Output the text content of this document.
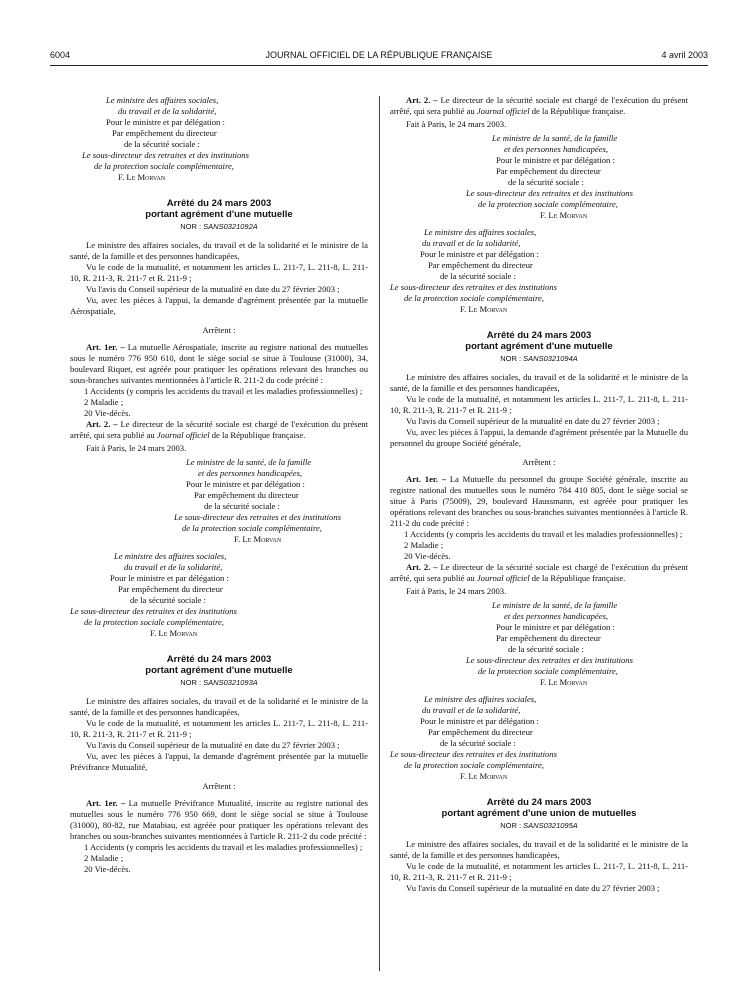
6004	JOURNAL OFFICIEL DE LA RÉPUBLIQUE FRANÇAISE	4 avril 2003
Le ministre des affaires sociales,
du travail et de la solidarité,
Pour le ministre et par délégation :
Par empêchement du directeur
de la sécurité sociale :
Le sous-directeur des retraites et des institutions
de la protection sociale complémentaire,
F. Le Morvan
Arrêté du 24 mars 2003
portant agrément d'une mutuelle
NOR : SANS0321092A

Le ministre des affaires sociales, du travail et de la solidarité et le ministre de la santé, de la famille et des personnes handicapées,

Vu le code de la mutualité, et notamment les articles L. 211-7, L. 211-8, L. 211-10, R. 211-3, R. 211-7 et R. 211-9 ;

Vu l'avis du Conseil supérieur de la mutualité en date du 27 février 2003 ;

Vu, avec les pièces à l'appui, la demande d'agrément présentée par la mutuelle Aérospatiale,

Arrêtent :

Art. 1er. – La mutuelle Aérospatiale, inscrite au registre national des mutuelles sous le numéro 776 950 610, dont le siège social se situe à Toulouse (31000), 34, boulevard Riquet, est agréée pour pratiquer les opérations relevant des branches ou sous-branches suivantes mentionnées à l'article R. 211-2 du code précité :

1 Accidents (y compris les accidents du travail et les maladies professionnelles) ;
2 Maladie ;
20 Vie-décès.

Art. 2. – Le directeur de la sécurité sociale est chargé de l'exécution du présent arrêté, qui sera publié au Journal officiel de la République française.

Fait à Paris, le 24 mars 2003.
Le ministre de la santé, de la famille
et des personnes handicapées,
Pour le ministre et par délégation :
Par empêchement du directeur
de la sécurité sociale :
Le sous-directeur des retraites et des institutions
de la protection sociale complémentaire,
F. Le Morvan
Le ministre des affaires sociales,
du travail et de la solidarité,
Pour le ministre et par délégation :
Par empêchement du directeur
de la sécurité sociale :
Le sous-directeur des retraites et des institutions
de la protection sociale complémentaire,
F. Le Morvan
Arrêté du 24 mars 2003
portant agrément d'une mutuelle
NOR : SANS0321093A

Le ministre des affaires sociales, du travail et de la solidarité et le ministre de la santé, de la famille et des personnes handicapées,

Vu le code de la mutualité, et notamment les articles L. 211-7, L. 211-8, L. 211-10, R. 211-3, R. 211-7 et R. 211-9 ;

Vu l'avis du Conseil supérieur de la mutualité en date du 27 février 2003 ;

Vu, avec les pièces à l'appui, la demande d'agrément présentée par la mutuelle Prévifrance Mutualité,

Arrêtent :

Art. 1er. – La mutuelle Prévifrance Mutualité, inscrite au registre national des mutuelles sous le numéro 776 950 669, dont le siège social se situe à Toulouse (31000), 80-82, rue Matabiau, est agréée pour pratiquer les opérations relevant des branches ou sous-branches suivantes mentionnées à l'article R. 211-2 du code précité :

1 Accidents (y compris les accidents du travail et les maladies professionnelles) ;
2 Maladie ;
20 Vie-décès.

Art. 2. – Le directeur de la sécurité sociale est chargé de l'exécution du présent arrêté, qui sera publié au Journal officiel de la République française.

Fait à Paris, le 24 mars 2003.
Le ministre de la santé, de la famille
et des personnes handicapées,
Pour le ministre et par délégation :
Par empêchement du directeur
de la sécurité sociale :
Le sous-directeur des retraites et des institutions
de la protection sociale complémentaire,
F. Le Morvan
Le ministre des affaires sociales,
du travail et de la solidarité,
Pour le ministre et par délégation :
Par empêchement du directeur
de la sécurité sociale :
Le sous-directeur des retraites et des institutions
de la protection sociale complémentaire,
F. Le Morvan
Arrêté du 24 mars 2003
portant agrément d'une mutuelle
NOR : SANS0321094A

Le ministre des affaires sociales, du travail et de la solidarité et le ministre de la santé, de la famille et des personnes handicapées,

Vu le code de la mutualité, et notamment les articles L. 211-7, L. 211-8, L. 211-10, R. 211-3, R. 211-7 et R. 211-9 ;

Vu l'avis du Conseil supérieur de la mutualité en date du 27 février 2003 ;

Vu, avec les pièces à l'appui, la demande d'agrément présentée par la Mutuelle du personnel du groupe Société générale,

Arrêtent :

Art. 1er. – La Mutuelle du personnel du groupe Société générale, inscrite au registre national des mutuelles sous le numéro 784 410 805, dont le siège social se situe à Paris (75009), 29, boulevard Haussmann, est agréée pour pratiquer les opérations relevant des branches ou sous-branches suivantes mentionnées à l'article R. 211-2 du code précité :

1 Accidents (y compris les accidents du travail et les maladies professionnelles) ;
2 Maladie ;
20 Vie-décès.

Art. 2. – Le directeur de la sécurité sociale est chargé de l'exécution du présent arrêté, qui sera publié au Journal officiel de la République française.

Fait à Paris, le 24 mars 2003.
Le ministre de la santé, de la famille
et des personnes handicapées,
Pour le ministre et par délégation :
Par empêchement du directeur
de la sécurité sociale :
Le sous-directeur des retraites et des institutions
de la protection sociale complémentaire,
F. Le Morvan
Le ministre des affaires sociales,
du travail et de la solidarité,
Pour le ministre et par délégation :
Par empêchement du directeur
de la sécurité sociale :
Le sous-directeur des retraites et des institutions
de la protection sociale complémentaire,
F. Le Morvan
Arrêté du 24 mars 2003
portant agrément d'une union de mutuelles
NOR : SANS0321095A

Le ministre des affaires sociales, du travail et de la solidarité et le ministre de la santé, de la famille et des personnes handicapées,

Vu le code de la mutualité, et notamment les articles L. 211-7, L. 211-8, L. 211-10, R. 211-3, R. 211-7 et R. 211-9 ;

Vu l'avis du Conseil supérieur de la mutualité en date du 27 février 2003 ;
